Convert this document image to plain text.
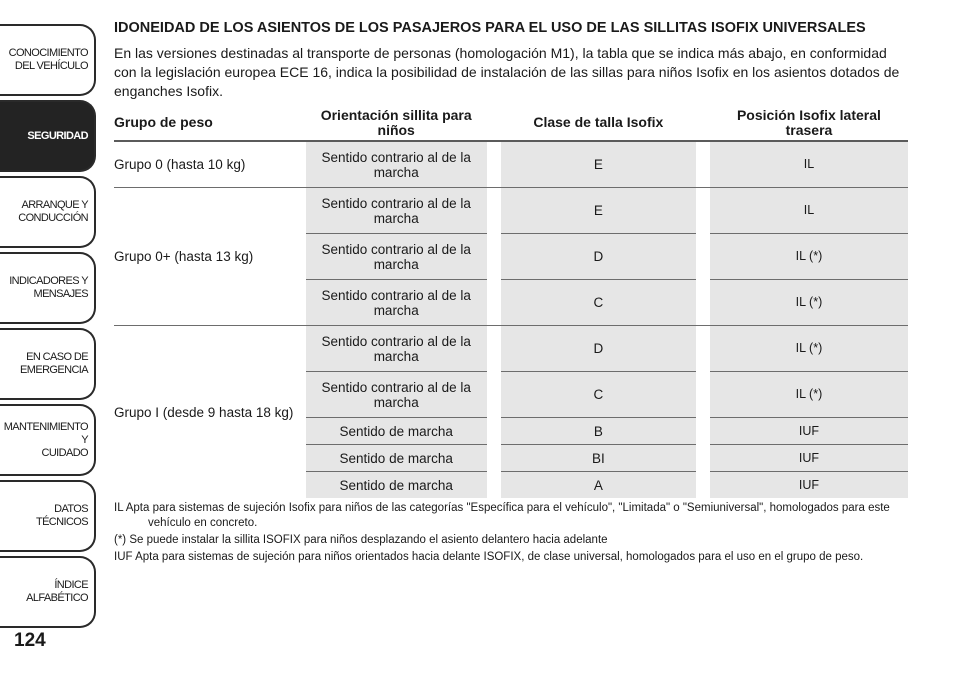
CONOCIMIENTO
DEL VEHÍCULO
SEGURIDAD
ARRANQUE Y
CONDUCCIÓN
INDICADORES Y
MENSAJES
EN CASO DE
EMERGENCIA
MANTENIMIENTO Y
CUIDADO
DATOS TÉCNICOS
ÍNDICE ALFABÉTICO
124
IDONEIDAD DE LOS ASIENTOS DE LOS PASAJEROS PARA EL USO DE LAS SILLITAS ISOFIX UNIVERSALES

En las versiones destinadas al transporte de personas (homologación M1), la tabla que se indica más abajo, en conformidad con la legislación europea ECE 16, indica la posibilidad de instalación de las sillas para niños Isofix en los asientos dotados de enganches Isofix.

Grupo de peso	Orientación sillita para niños		Clase de talla Isofix		Posición Isofix lateral trasera
Grupo 0 (hasta 10 kg)	Sentido contrario al de la marcha		E		IL
Grupo 0+ (hasta 13 kg)	Sentido contrario al de la marcha		E		IL
	Sentido contrario al de la marcha		D		IL (*)
	Sentido contrario al de la marcha		C		IL (*)
Grupo I (desde 9 hasta 18 kg)	Sentido contrario al de la marcha		D		IL (*)
	Sentido contrario al de la marcha		C		IL (*)
	Sentido de marcha		B		IUF
	Sentido de marcha		BI		IUF
	Sentido de marcha		A		IUF

IL Apta para sistemas de sujeción Isofix para niños de las categorías "Específica para el vehículo", "Limitada" o "Semiuniversal", homologados para este vehículo en concreto.

(*) Se puede instalar la sillita ISOFIX para niños desplazando el asiento delantero hacia adelante

IUF Apta para sistemas de sujeción para niños orientados hacia delante ISOFIX, de clase universal, homologados para el uso en el grupo de peso.
